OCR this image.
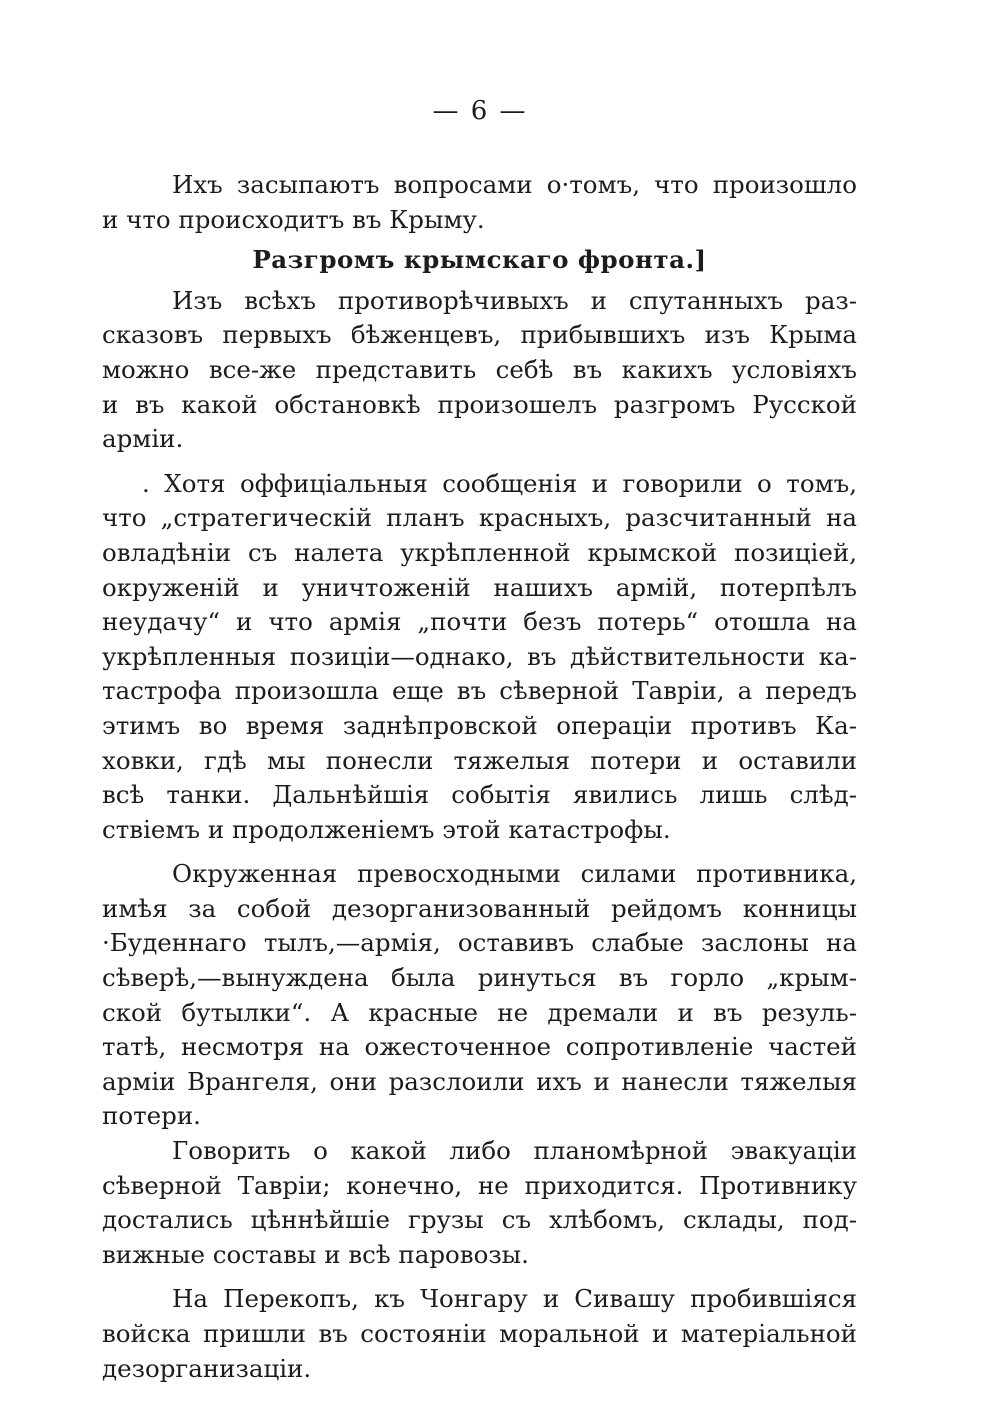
— 6 —
Ихъ засыпаютъ вопросами о·томъ, что произошло
и что происходитъ въ Крыму.
Разгромъ крымскаго фронта.]
Изъ всѣхъ противорѣчивыхъ и спутанныхъ раз-
сказовъ первыхъ бѣженцевъ, прибывшихъ изъ Крыма
можно все-же представить себѣ въ какихъ условіяхъ
и въ какой обстановкѣ произошелъ разгромъ Русской
арміи.
. Хотя оффиціальныя сообщенія и говорили о томъ,
что „стратегическій планъ красныхъ, разсчитанный на
овладѣніи съ налета укрѣпленной крымской позиціей,
окруженій и уничтоженій нашихъ армій, потерпѣлъ
неудачу“ и что армія „почти безъ потерь“ отошла на
укрѣпленныя позиціи—однако, въ дѣйствительности ка-
тастрофа произошла еще въ сѣверной Тавріи, а передъ
этимъ во время заднѣпровской операціи противъ Ка-
ховки, гдѣ мы понесли тяжелыя потери и оставили
всѣ танки. Дальнѣйшія событія явились лишь слѣд-
ствіемъ и продолженіемъ этой катастрофы.
Окруженная превосходными силами противника,
имѣя за собой дезорганизованный рейдомъ конницы
·Буденнаго тылъ,—армія, оставивъ слабые заслоны на
сѣверѣ,—вынуждена была ринуться въ горло „крым-
ской бутылки“. А красные не дремали и въ резуль-
татѣ, несмотря на ожесточенное сопротивленіе частей
арміи Врангеля, они разслоили ихъ и нанесли тяжелыя
потери.
Говорить о какой либо планомѣрной эвакуаціи
сѣверной Тавріи; конечно, не приходится. Противнику
достались цѣннѣйшіе грузы съ хлѣбомъ, склады, под-
вижные составы и всѣ паровозы.
На Перекопъ, къ Чонгару и Сивашу пробившіяся
войска пришли въ состояніи моральной и матеріальной
дезорганизаціи.
